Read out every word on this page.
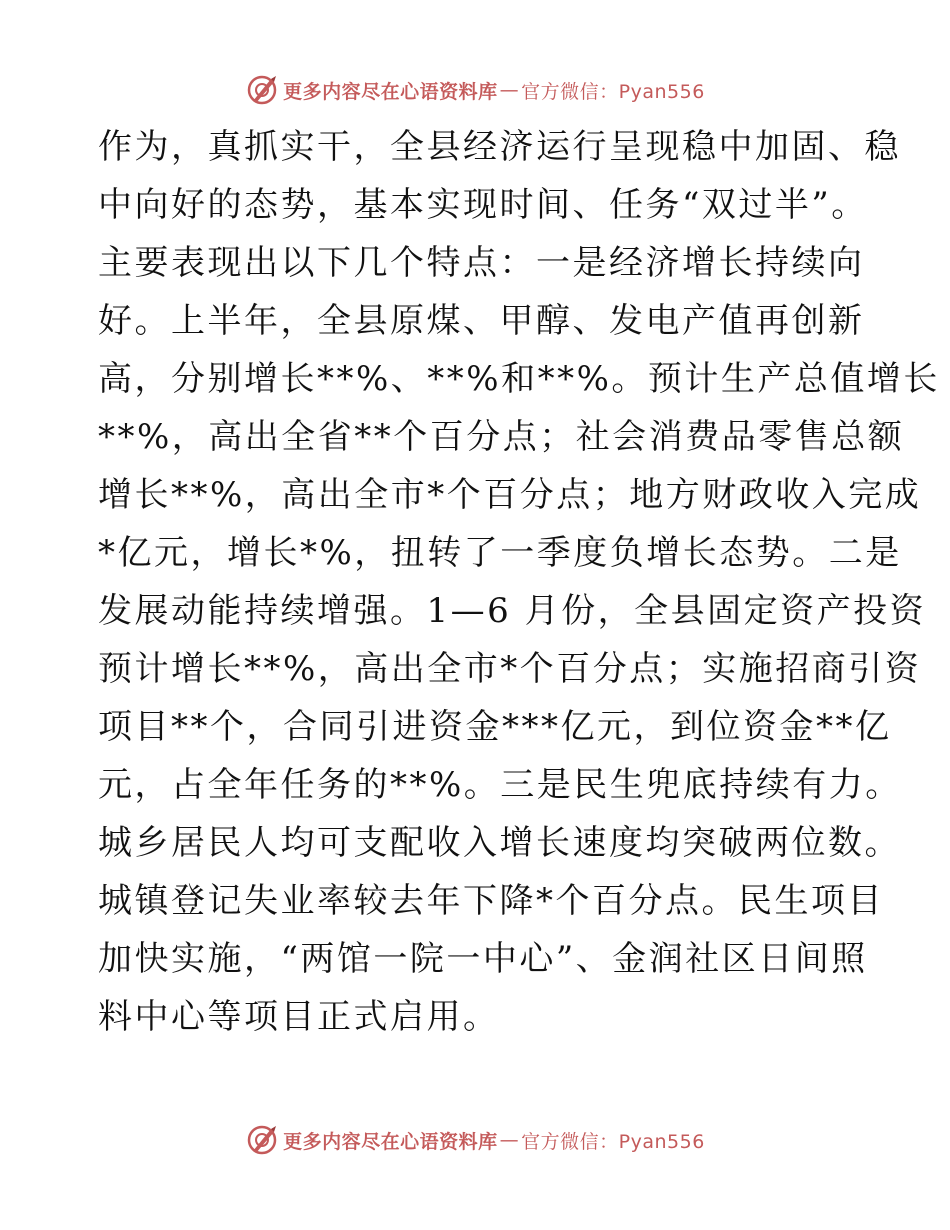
更多内容尽在心语资料库 — 官方微信：Pyan556
作为，真抓实干，全县经济运行呈现稳中加固、稳
中向好的态势，基本实现时间、任务“双过半”。
主要表现出以下几个特点：一是经济增长持续向
好。上半年，全县原煤、甲醇、发电产值再创新
高，分别增长**%、**%和**%。预计生产总值增长
**%，高出全省**个百分点；社会消费品零售总额
增长**%，高出全市*个百分点；地方财政收入完成
*亿元，增长*%，扭转了一季度负增长态势。二是
发展动能持续增强。1—6 月份，全县固定资产投资
预计增长**%，高出全市*个百分点；实施招商引资
项目**个，合同引进资金***亿元，到位资金**亿
元，占全年任务的**%。三是民生兜底持续有力。
城乡居民人均可支配收入增长速度均突破两位数。
城镇登记失业率较去年下降*个百分点。民生项目
加快实施，“两馆一院一中心”、金润社区日间照
料中心等项目正式启用。
更多内容尽在心语资料库 — 官方微信：Pyan556
